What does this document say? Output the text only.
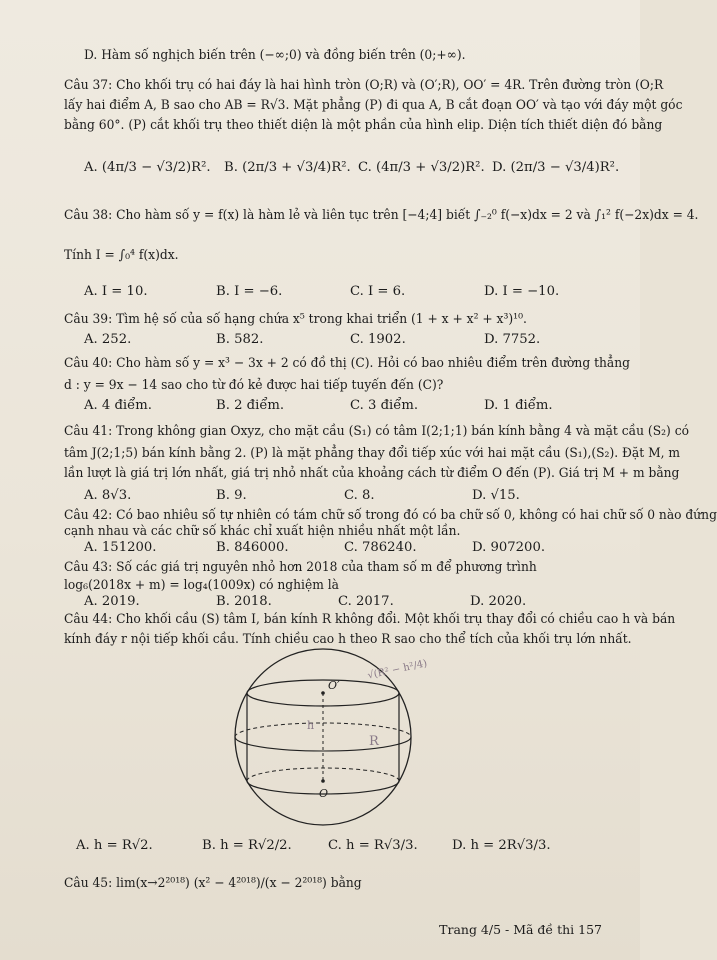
D. Hàm số nghịch biến trên (−∞;0) và đồng biến trên (0;+∞).
Câu 37: Cho khối trụ có hai đáy là hai hình tròn (O;R) và (O′;R), OO′ = 4R. Trên đường tròn (O;R
lấy hai điểm A, B sao cho AB = R√3. Mặt phẳng (P) đi qua A, B cắt đoạn OO′ và tạo với đáy một góc
bằng 60°. (P) cắt khối trụ theo thiết diện là một phần của hình elip. Diện tích thiết diện đó bằng
A. (4π/3 − √3/2)R². B. (2π/3 + √3/4)R². C. (4π/3 + √3/2)R². D. (2π/3 − √3/4)R².
Câu 38: Cho hàm số y = f(x) là hàm lẻ và liên tục trên [−4;4] biết ∫₋₂⁰ f(−x)dx = 2 và ∫₁² f(−2x)dx = 4.
Tính I = ∫₀⁴ f(x)dx.
A. I = 10.	B. I = −6.	C. I = 6.	D. I = −10.
Câu 39: Tìm hệ số của số hạng chứa x⁵ trong khai triển (1 + x + x² + x³)¹⁰.
A. 252.	B. 582.	C. 1902.	D. 7752.
Câu 40: Cho hàm số y = x³ − 3x + 2 có đồ thị (C). Hỏi có bao nhiêu điểm trên đường thẳng
d : y = 9x − 14 sao cho từ đó kẻ được hai tiếp tuyến đến (C)?
A. 4 điểm.	B. 2 điểm.	C. 3 điểm.	D. 1 điểm.
Câu 41: Trong không gian Oxyz, cho mặt cầu (S₁) có tâm I(2;1;1) bán kính bằng 4 và mặt cầu (S₂) có
tâm J(2;1;5) bán kính bằng 2. (P) là mặt phẳng thay đổi tiếp xúc với hai mặt cầu (S₁),(S₂). Đặt M, m
lần lượt là giá trị lớn nhất, giá trị nhỏ nhất của khoảng cách từ điểm O đến (P). Giá trị M + m bằng
A. 8√3.	B. 9.	C. 8.	D. √15.
Câu 42: Có bao nhiêu số tự nhiên có tám chữ số trong đó có ba chữ số 0, không có hai chữ số 0 nào đứng
cạnh nhau và các chữ số khác chỉ xuất hiện nhiều nhất một lần.
A. 151200.	B. 846000.	C. 786240.	D. 907200.
Câu 43: Số các giá trị nguyên nhỏ hơn 2018 của tham số m để phương trình
log₆(2018x + m) = log₄(1009x) có nghiệm là
A. 2019.	B. 2018.	C. 2017.	D. 2020.
Câu 44: Cho khối cầu (S) tâm I, bán kính R không đổi. Một khối trụ thay đổi có chiều cao h và bán
kính đáy r nội tiếp khối cầu. Tính chiều cao h theo R sao cho thể tích của khối trụ lớn nhất.
O′
O
R
h
√(R² − h²/4)
A. h = R√2.	B. h = R√2/2.	C. h = R√3/3.	D. h = 2R√3/3.
Câu 45: lim(x→2²⁰¹⁸) (x² − 4²⁰¹⁸)/(x − 2²⁰¹⁸) bằng
Trang 4/5 - Mã đề thi 157
